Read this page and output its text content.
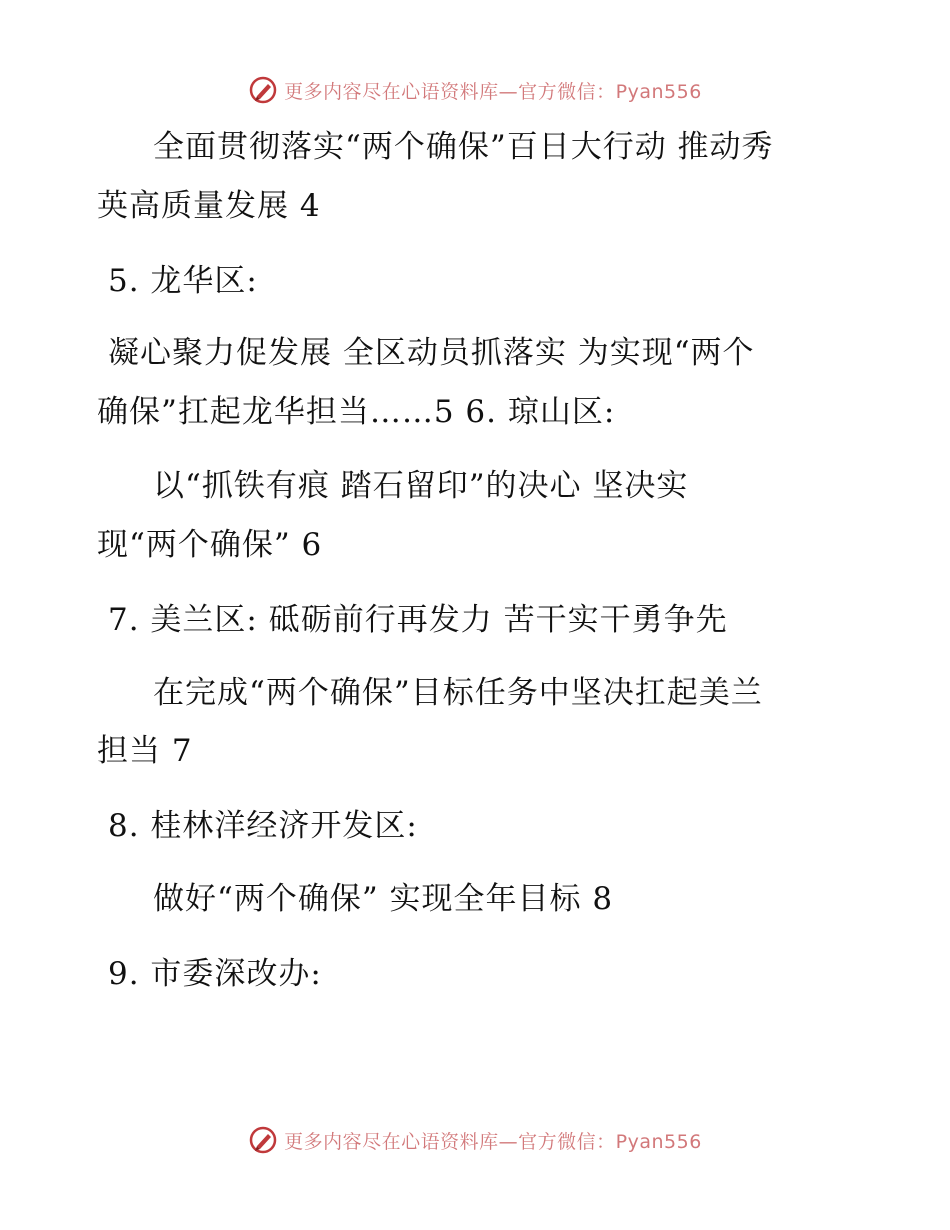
更多内容尽在心语资料库—官方微信：Pyan556
全面贯彻落实“两个确保”百日大行动 推动秀
英高质量发展 4
5. 龙华区:
凝心聚力促发展 全区动员抓落实 为实现“两个
确保”扛起龙华担当……5 6. 琼山区:
以“抓铁有痕 踏石留印”的决心 坚决实
现“两个确保” 6
7. 美兰区: 砥砺前行再发力 苦干实干勇争先
在完成“两个确保”目标任务中坚决扛起美兰
担当 7
8. 桂林洋经济开发区:
做好“两个确保” 实现全年目标 8
9. 市委深改办:
更多内容尽在心语资料库—官方微信：Pyan556
